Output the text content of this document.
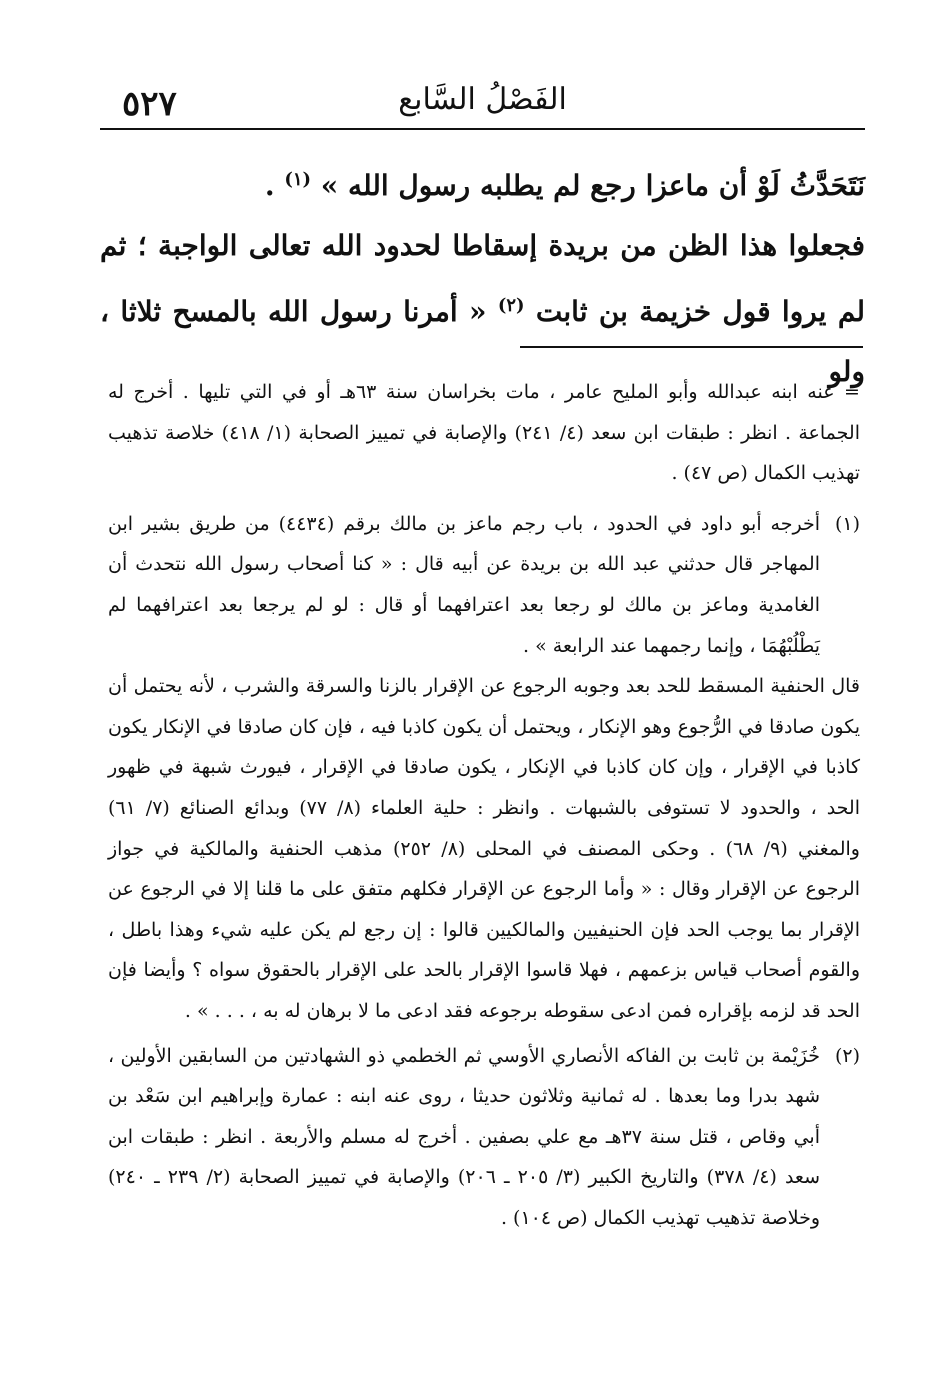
٥٢٧	الفَصْلُ السَّابع

نَتَحَدَّثُ لَوْ أن ماعزا رجع لم يطلبه رسول الله » $^{(١)}$ .

فجعلوا هذا الظن من بريدة إسقاطا لحدود الله تعالى الواجبة ؛ ثم لم يروا قول خزيمة بن ثابت $^{(٢)}$ « أمرنا رسول الله بالمسح ثلاثا ، ولو

= عنه ابنه عبدالله وأبو المليح عامر ، مات بخراسان سنة ٦٣هـ أو في التي تليها . أخرج له الجماعة . انظر : طبقات ابن سعد (٤/ ٢٤١) والإصابة في تمييز الصحابة (١/ ٤١٨) خلاصة تذهيب تهذيب الكمال (ص ٤٧) .

(١)
أخرجه أبو داود في الحدود ، باب رجم ماعز بن مالك برقم (٤٤٣٤) من طريق بشير ابن المهاجر قال حدثني عبد الله بن بريدة عن أبيه قال : « كنا أصحاب رسول الله نتحدث أن الغامدية وماعز بن مالك لو رجعا بعد اعترافهما أو قال : لو لم يرجعا بعد اعترافهما لم يَطْلُبْهُمَا ، وإنما رجمهما عند الرابعة » .

قال الحنفية المسقط للحد بعد وجوبه الرجوع عن الإقرار بالزنا والسرقة والشرب ، لأنه يحتمل أن يكون صادقا في الرُّجوع وهو الإنكار ، ويحتمل أن يكون كاذبا فيه ، فإن كان صادقا في الإنكار يكون كاذبا في الإقرار ، وإن كان كاذبا في الإنكار ، يكون صادقا في الإقرار ، فيورث شبهة في ظهور الحد ، والحدود لا تستوفى بالشبهات . وانظر : حلية العلماء (٨/ ٧٧) وبدائع الصنائع (٧/ ٦١) والمغني (٩/ ٦٨) . وحكى المصنف في المحلى (٨/ ٢٥٢) مذهب الحنفية والمالكية في جواز الرجوع عن الإقرار وقال : « وأما الرجوع عن الإقرار فكلهم متفق على ما قلنا إلا في الرجوع عن الإقرار بما يوجب الحد فإن الحنيفيين والمالكيين قالوا : إن رجع لم يكن عليه شيء وهذا باطل ، والقوم أصحاب قياس بزعمهم ، فهلا قاسوا الإقرار بالحد على الإقرار بالحقوق سواه ؟ وأيضا فإن الحد قد لزمه بإقراره فمن ادعى سقوطه برجوعه فقد ادعى ما لا برهان له به ، . . . » .

(٢)
خُزَيْمة بن ثابت بن الفاكه الأنصاري الأوسي ثم الخطمي ذو الشهادتين من السابقين الأولين ، شهد بدرا وما بعدها . له ثمانية وثلاثون حديثا ، روى عنه ابنه : عمارة وإبراهيم ابن سَعْد بن أبي وقاص ، قتل سنة ٣٧هـ مع علي بصفين . أخرج له مسلم والأربعة . انظر : طبقات ابن سعد (٤/ ٣٧٨) والتاريخ الكبير (٣/ ٢٠٥ ـ ٢٠٦) والإصابة في تمييز الصحابة (٢/ ٢٣٩ ـ ٢٤٠) وخلاصة تذهيب تهذيب الكمال (ص ١٠٤) .
